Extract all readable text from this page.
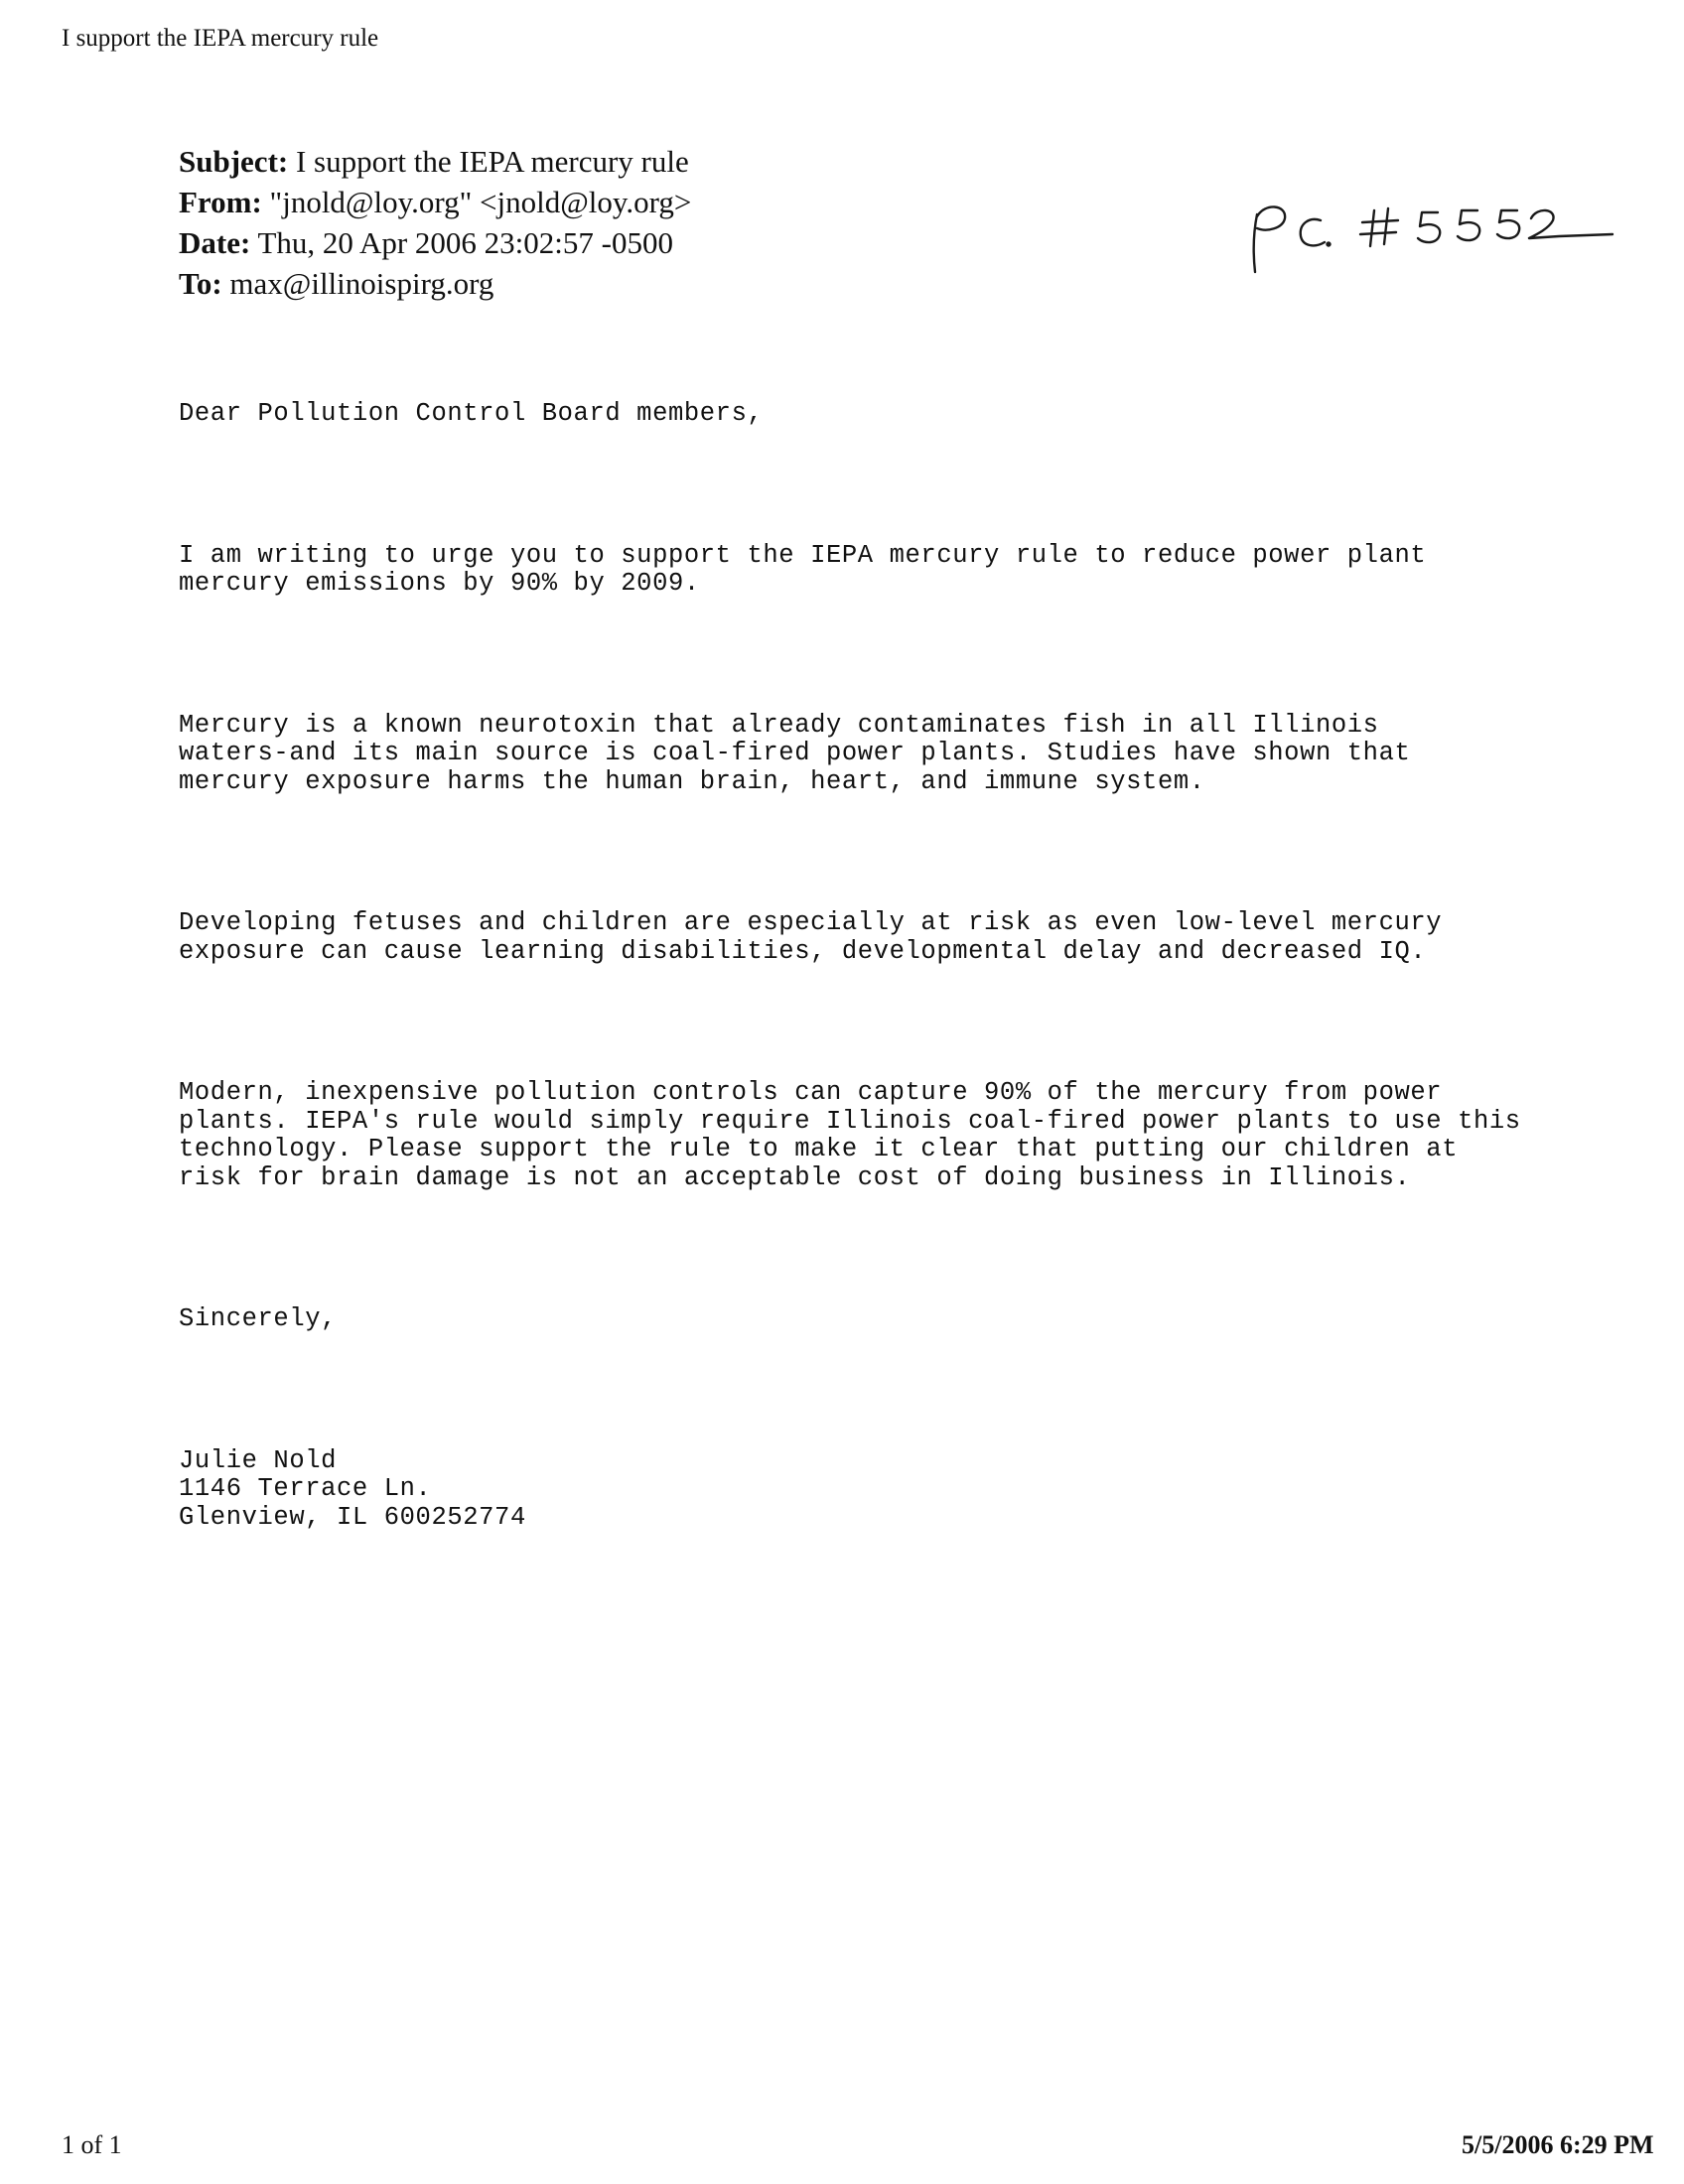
I support the IEPA mercury rule
Subject: I support the IEPA mercury rule
From: "jnold@loy.org" <jnold@loy.org>
Date: Thu, 20 Apr 2006 23:02:57 -0500
To: max@illinoispirg.org

Dear Pollution Control Board members,

I am writing to urge you to support the IEPA mercury rule to reduce power plant
mercury emissions by 90% by 2009.

Mercury is a known neurotoxin that already contaminates fish in all Illinois
waters-and its main source is coal-fired power plants. Studies have shown that
mercury exposure harms the human brain, heart, and immune system.

Developing fetuses and children are especially at risk as even low-level mercury
exposure can cause learning disabilities, developmental delay and decreased IQ.

Modern, inexpensive pollution controls can capture 90% of the mercury from power
plants. IEPA's rule would simply require Illinois coal-fired power plants to use this
technology. Please support the rule to make it clear that putting our children at
risk for brain damage is not an acceptable cost of doing business in Illinois.

Sincerely,

Julie Nold
1146 Terrace Ln.
Glenview, IL 600252774

1 of 1	5/5/2006 6:29 PM
